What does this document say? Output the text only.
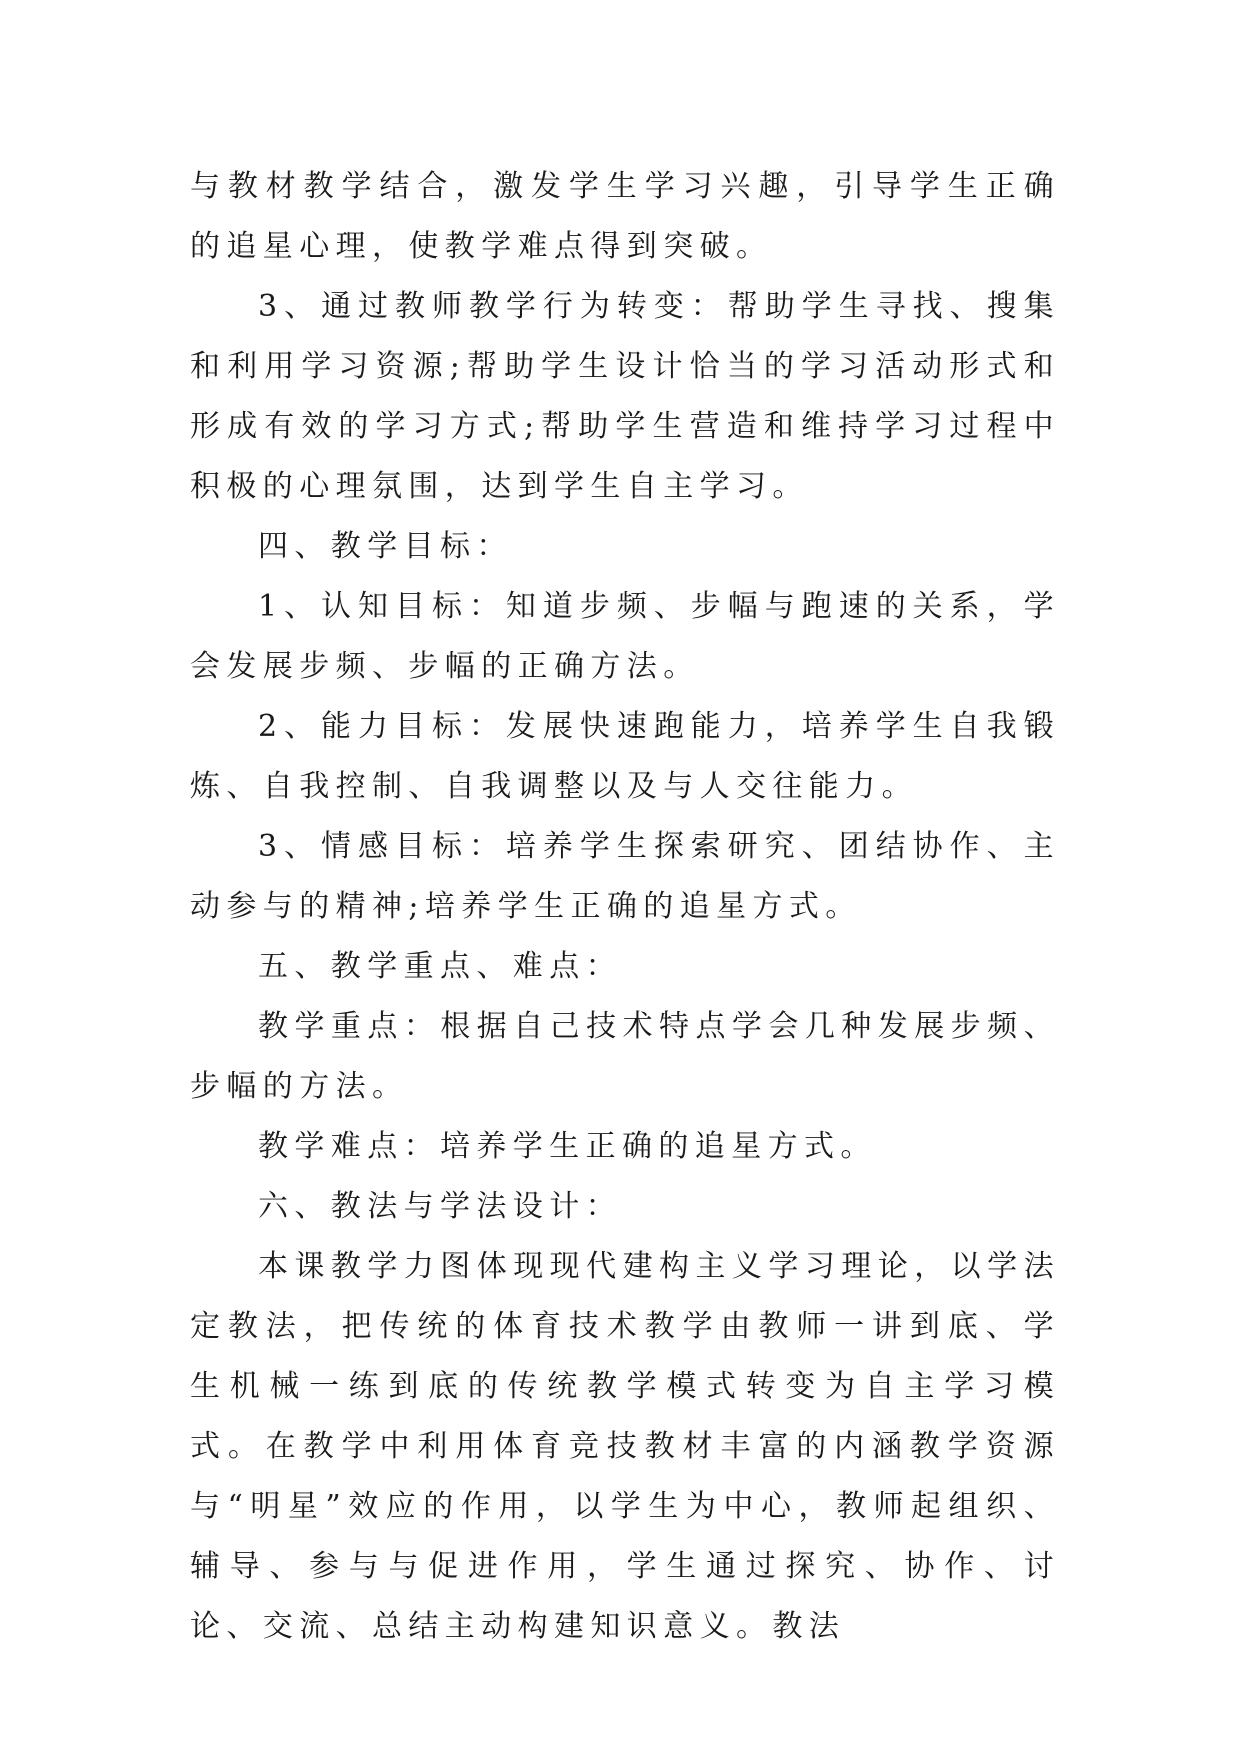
与教材教学结合，激发学生学习兴趣，引导学生正确的追星心理，使教学难点得到突破。

3、通过教师教学行为转变：帮助学生寻找、搜集和利用学习资源;帮助学生设计恰当的学习活动形式和形成有效的学习方式;帮助学生营造和维持学习过程中积极的心理氛围，达到学生自主学习。

四、教学目标：

1、认知目标：知道步频、步幅与跑速的关系，学会发展步频、步幅的正确方法。

2、能力目标：发展快速跑能力，培养学生自我锻炼、自我控制、自我调整以及与人交往能力。

3、情感目标：培养学生探索研究、团结协作、主动参与的精神;培养学生正确的追星方式。

五、教学重点、难点：

教学重点：根据自己技术特点学会几种发展步频、步幅的方法。

教学难点：培养学生正确的追星方式。

六、教法与学法设计：

本课教学力图体现现代建构主义学习理论，以学法定教法，把传统的体育技术教学由教师一讲到底、学生机械一练到底的传统教学模式转变为自主学习模式。在教学中利用体育竞技教材丰富的内涵教学资源与“明星”效应的作用，以学生为中心，教师起组织、辅导、参与与促进作用，学生通过探究、协作、讨论、交流、总结主动构建知识意义。教法
